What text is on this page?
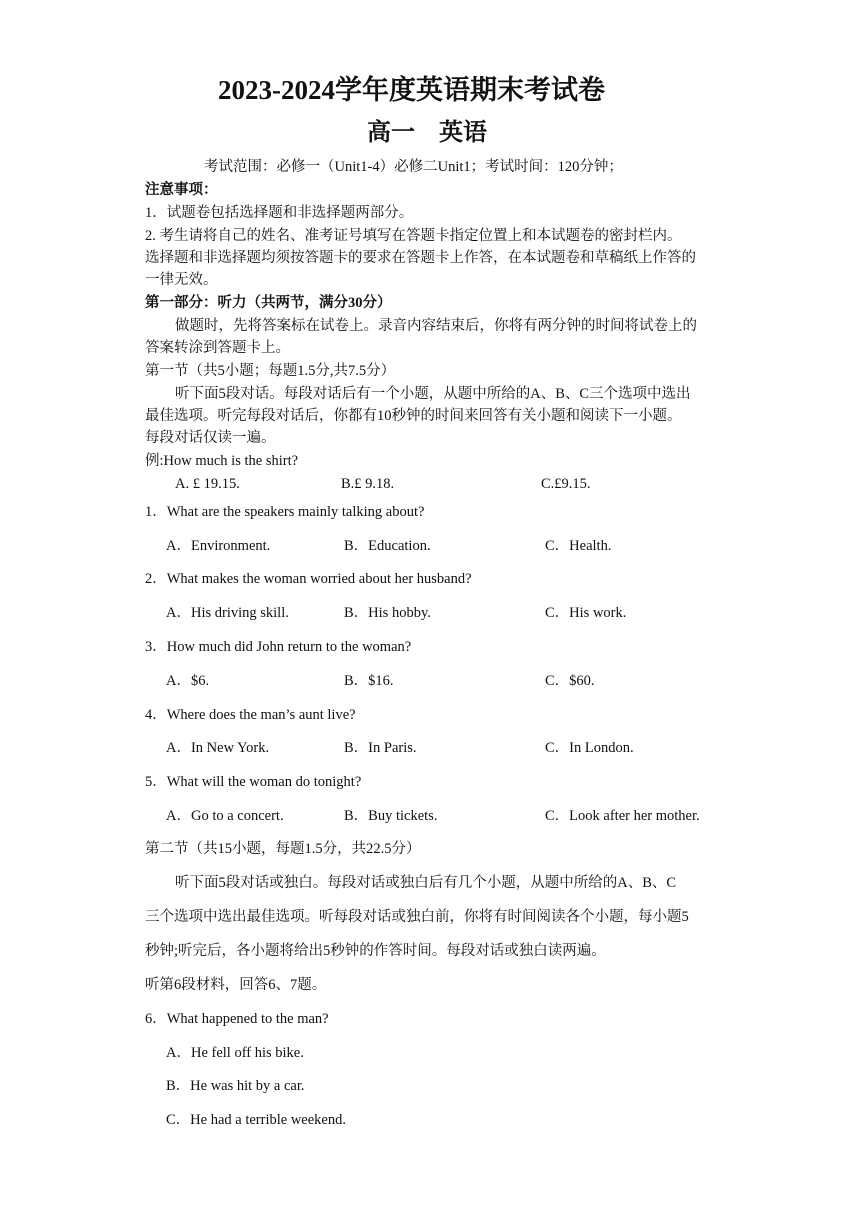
2023-2024学年度英语期末考试卷
高一　英语
考试范围：必修一（Unit1-4）必修二Unit1；考试时间：120分钟；
注意事项：
1．试题卷包括选择题和非选择题两部分。
2. 考生请将自己的姓名、准考证号填写在答题卡指定位置上和本试题卷的密封栏内。
选择题和非选择题均须按答题卡的要求在答题卡上作答，在本试题卷和草稿纸上作答的
一律无效。
第一部分：听力（共两节，满分30分）
做题时，先将答案标在试卷上。录音内容结束后，你将有两分钟的时间将试卷上的
答案转涂到答题卡上。
第一节（共5小题；每题1.5分,共7.5分）
听下面5段对话。每段对话后有一个小题，从题中所给的A、B、C三个选项中选出
最佳选项。听完每段对话后，你都有10秒钟的时间来回答有关小题和阅读下一小题。
每段对话仅读一遍。
例:How much is the shirt?
A. £ 19.15.	B.£ 9.18.	C.£9.15.
1．What are the speakers mainly talking about?
A．Environment.	B．Education.	C．Health.
2．What makes the woman worried about her husband?
A．His driving skill.	B．His hobby.	C．His work.
3．How much did John return to the woman?
A．$6.	B．$16.	C．$60.
4．Where does the man’s aunt live?
A．In New York.	B．In Paris.	C．In London.
5．What will the woman do tonight?
A．Go to a concert.	B．Buy tickets.	C．Look after her mother.
第二节（共15小题，每题1.5分，共22.5分）
听下面5段对话或独白。每段对话或独白后有几个小题，从题中所给的A、B、C
三个选项中选出最佳选项。听每段对话或独白前，你将有时间阅读各个小题，每小题5
秒钟;听完后，各小题将给出5秒钟的作答时间。每段对话或独白读两遍。
听第6段材料，回答6、7题。
6．What happened to the man?
A．He fell off his bike.
B．He was hit by a car.
C．He had a terrible weekend.
